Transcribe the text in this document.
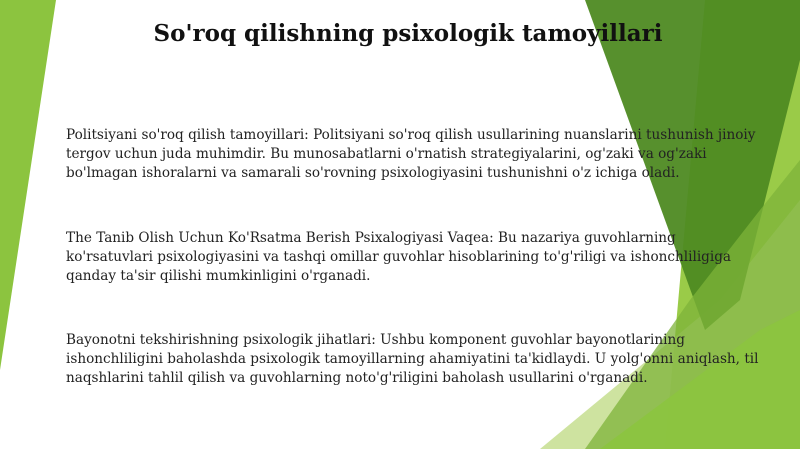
So'roq qilishning psixologik tamoyillari

Politsiyani so'roq qilish tamoyillari: Politsiyani so'roq qilish usullarining nuanslarini tushunish jinoiy tergov uchun juda muhimdir. Bu munosabatlarni o'rnatish strategiyalarini, og'zaki va og'zaki bo'lmagan ishoralarni va samarali so'rovning psixologiyasini tushunishni o'z ichiga oladi.

The Tanib Olish Uchun Ko'Rsatma Berish Psixalogiyasi Vaqea: Bu nazariya guvohlarning ko'rsatuvlari psixologiyasini va tashqi omillar guvohlar hisoblarining to'g'riligi va ishonchliligiga qanday ta'sir qilishi mumkinligini o'rganadi.

Bayonotni tekshirishning psixologik jihatlari: Ushbu komponent guvohlar bayonotlarining ishonchliligini baholashda psixologik tamoyillarning ahamiyatini ta'kidlaydi. U yolg'onni aniqlash, til naqshlarini tahlil qilish va guvohlarning noto'g'riligini baholash usullarini o'rganadi.
